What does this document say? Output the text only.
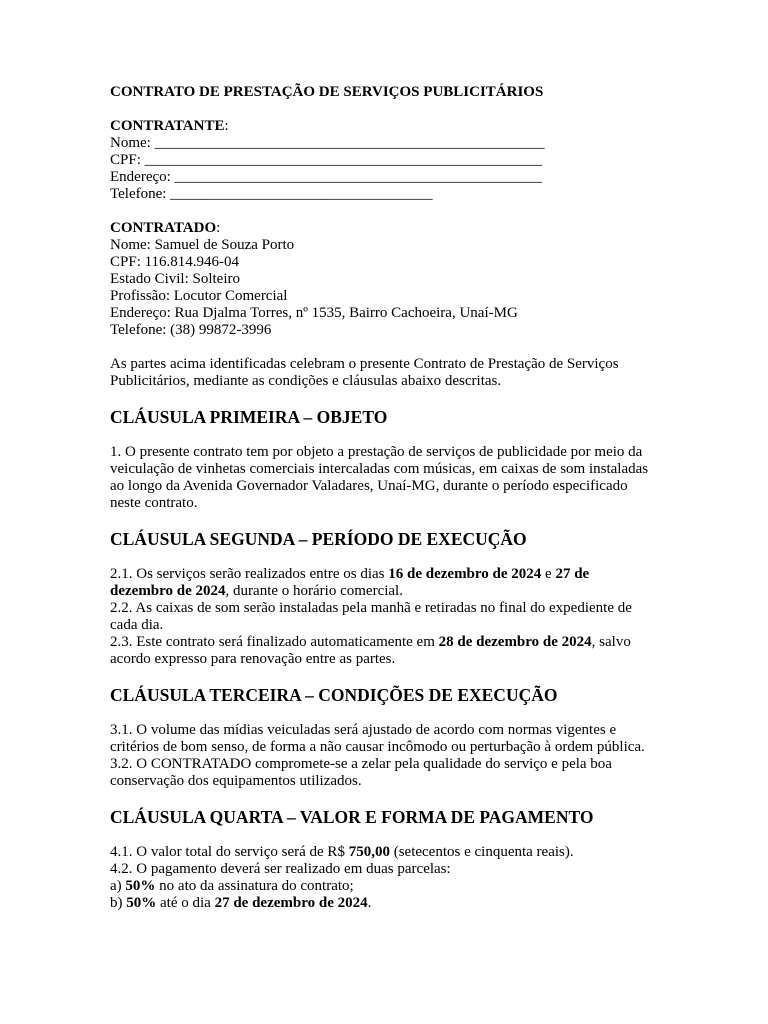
CONTRATO DE PRESTAÇÃO DE SERVIÇOS PUBLICITÁRIOS
CONTRATANTE:
Nome: ____________________________________________________
CPF: _____________________________________________________
Endereço: _________________________________________________
Telefone: ___________________________________
CONTRATADO:
Nome: Samuel de Souza Porto
CPF: 116.814.946-04
Estado Civil: Solteiro
Profissão: Locutor Comercial
Endereço: Rua Djalma Torres, nº 1535, Bairro Cachoeira, Unaí-MG
Telefone: (38) 99872-3996

As partes acima identificadas celebram o presente Contrato de Prestação de Serviços Publicitários, mediante as condições e cláusulas abaixo descritas.

CLÁUSULA PRIMEIRA – OBJETO

1. O presente contrato tem por objeto a prestação de serviços de publicidade por meio da veiculação de vinhetas comerciais intercaladas com músicas, em caixas de som instaladas ao longo da Avenida Governador Valadares, Unaí-MG, durante o período especificado neste contrato.

CLÁUSULA SEGUNDA – PERÍODO DE EXECUÇÃO
2.1. Os serviços serão realizados entre os dias 16 de dezembro de 2024 e 27 de dezembro de 2024, durante o horário comercial.
2.2. As caixas de som serão instaladas pela manhã e retiradas no final do expediente de cada dia.
2.3. Este contrato será finalizado automaticamente em 28 de dezembro de 2024, salvo acordo expresso para renovação entre as partes.
CLÁUSULA TERCEIRA – CONDIÇÕES DE EXECUÇÃO
3.1. O volume das mídias veiculadas será ajustado de acordo com normas vigentes e critérios de bom senso, de forma a não causar incômodo ou perturbação à ordem pública.
3.2. O CONTRATADO compromete-se a zelar pela qualidade do serviço e pela boa conservação dos equipamentos utilizados.
CLÁUSULA QUARTA – VALOR E FORMA DE PAGAMENTO
4.1. O valor total do serviço será de R$ 750,00 (setecentos e cinquenta reais).
4.2. O pagamento deverá ser realizado em duas parcelas:
a) 50% no ato da assinatura do contrato;
b) 50% até o dia 27 de dezembro de 2024.
